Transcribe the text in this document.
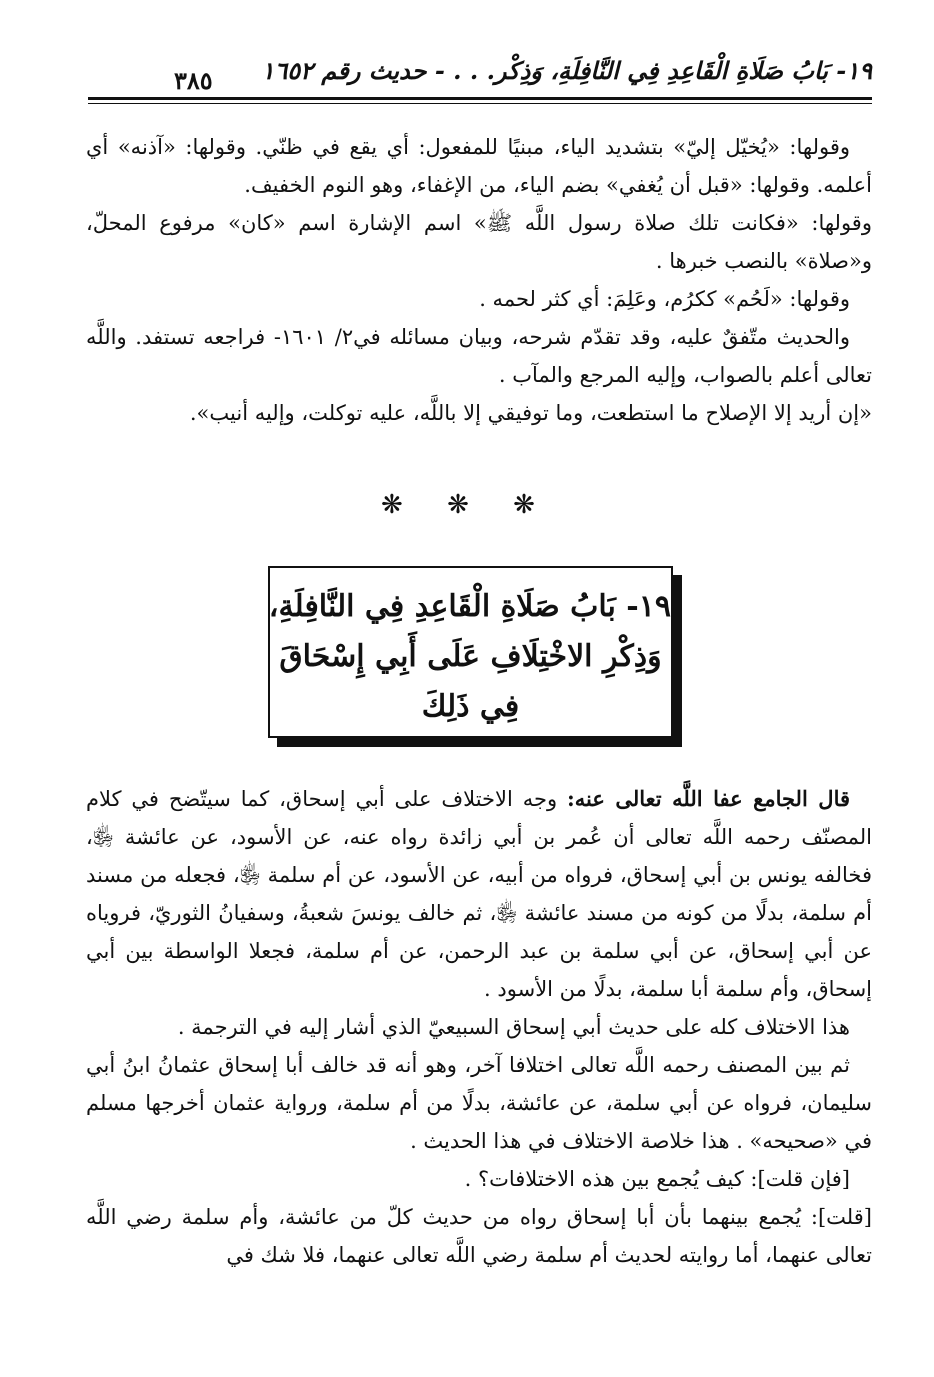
١٩- بَابُ صَلَاةِ الْقَاعِدِ فِي النَّافِلَةِ، وَذِكْر. . . - حديث رقم ١٦٥٢
٣٨٥

وقولها: «يُخيّل إليّ» بتشديد الياء، مبنيًا للمفعول: أي يقع في ظنّي. وقولها: «آذنه» أي أعلمه. وقولها: «قبل أن يُغفي» بضم الياء، من الإغفاء، وهو النوم الخفيف.

وقولها: «فكانت تلك صلاة رسول اللَّه ﷺ» اسم الإشارة اسم «كان» مرفوع المحلّ، و«صلاة» بالنصب خبرها .

وقولها: «لَحُم» ككرُم، وعَلِمَ: أي كثر لحمه .

والحديث متّفقٌ عليه، وقد تقدّم شرحه، وبيان مسائله في٢/ ١٦٠١- فراجعه تستفد. واللَّه تعالى أعلم بالصواب، وإليه المرجع والمآب .

«إن أريد إلا الإصلاح ما استطعت، وما توفيقي إلا باللَّه، عليه توكلت، وإليه أنيب».

❋ ❋ ❋
١٩- بَابُ صَلَاةِ الْقَاعِدِ فِي النَّافِلَةِ،
وَذِكْرِ الاخْتِلَافِ عَلَى أَبِي إِسْحَاقَ
فِي ذَلِكَ

قال الجامع عفا اللَّه تعالى عنه: وجه الاختلاف على أبي إسحاق، كما سيتّضح في كلام المصنّف رحمه اللَّه تعالى أن عُمر بن أبي زائدة رواه عنه، عن الأسود، عن عائشة ﵂، فخالفه يونس بن أبي إسحاق، فرواه من أبيه، عن الأسود، عن أم سلمة ﵂، فجعله من مسند أم سلمة، بدلًا من كونه من مسند عائشة ﵂، ثم خالف يونسَ شعبةُ، وسفيانُ الثوريّ، فروياه عن أبي إسحاق، عن أبي سلمة بن عبد الرحمن، عن أم سلمة، فجعلا الواسطة بين أبي إسحاق، وأم سلمة أبا سلمة، بدلًا من الأسود .

هذا الاختلاف كله على حديث أبي إسحاق السبيعيّ الذي أشار إليه في الترجمة .

ثم بين المصنف رحمه اللَّه تعالى اختلافا آخر، وهو أنه قد خالف أبا إسحاق عثمانُ ابنُ أبي سليمان، فرواه عن أبي سلمة، عن عائشة، بدلًا من أم سلمة، ورواية عثمان أخرجها مسلم في «صحيحه» . هذا خلاصة الاختلاف في هذا الحديث .

[فإن قلت]: كيف يُجمع بين هذه الاختلافات؟ .

[قلت]: يُجمع بينهما بأن أبا إسحاق رواه من حديث كلّ من عائشة، وأم سلمة رضي اللَّه تعالى عنهما، أما روايته لحديث أم سلمة رضي اللَّه تعالى عنهما، فلا شك في
